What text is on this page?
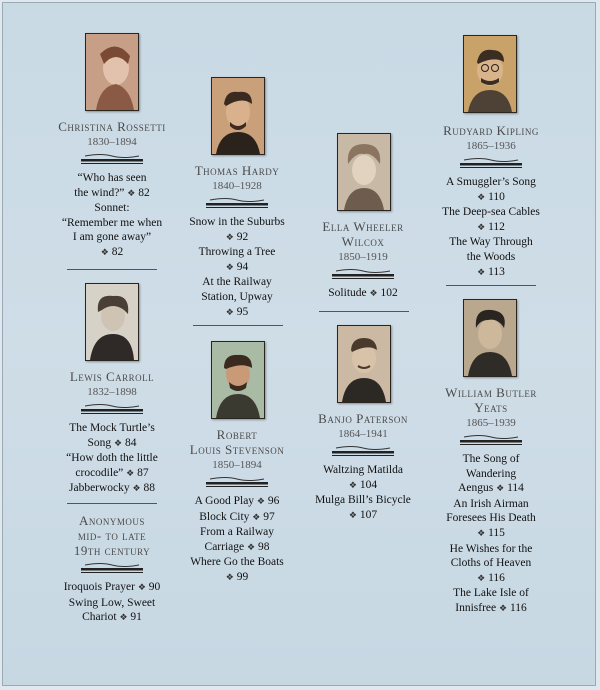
Christina Rossetti
1830–1894
“Who has seen
the wind?” ❖ 82
Sonnet:
“Remember me when
I am gone away”
❖ 82
Lewis Carroll
1832–1898
The Mock Turtle’s
Song ❖ 84
“How doth the little
crocodile” ❖ 87
Jabberwocky ❖ 88
Anonymous
mid- to late
19th century
Iroquois Prayer ❖ 90
Swing Low, Sweet
Chariot ❖ 91
Thomas Hardy
1840–1928
Snow in the Suburbs
❖ 92
Throwing a Tree
❖ 94
At the Railway
Station, Upway
❖ 95
Robert
Louis Stevenson
1850–1894
A Good Play ❖ 96
Block City ❖ 97
From a Railway
Carriage ❖ 98
Where Go the Boats
❖ 99
Ella Wheeler
Wilcox
1850–1919
Solitude ❖ 102
Banjo Paterson
1864–1941
Waltzing Matilda
❖ 104
Mulga Bill’s Bicycle
❖ 107
Rudyard Kipling
1865–1936
A Smuggler’s Song
❖ 110
The Deep-sea Cables
❖ 112
The Way Through
the Woods
❖ 113
William Butler
Yeats
1865–1939
The Song of
Wandering
Aengus ❖ 114
An Irish Airman
Foresees His Death
❖ 115
He Wishes for the
Cloths of Heaven
❖ 116
The Lake Isle of
Innisfree ❖ 116
